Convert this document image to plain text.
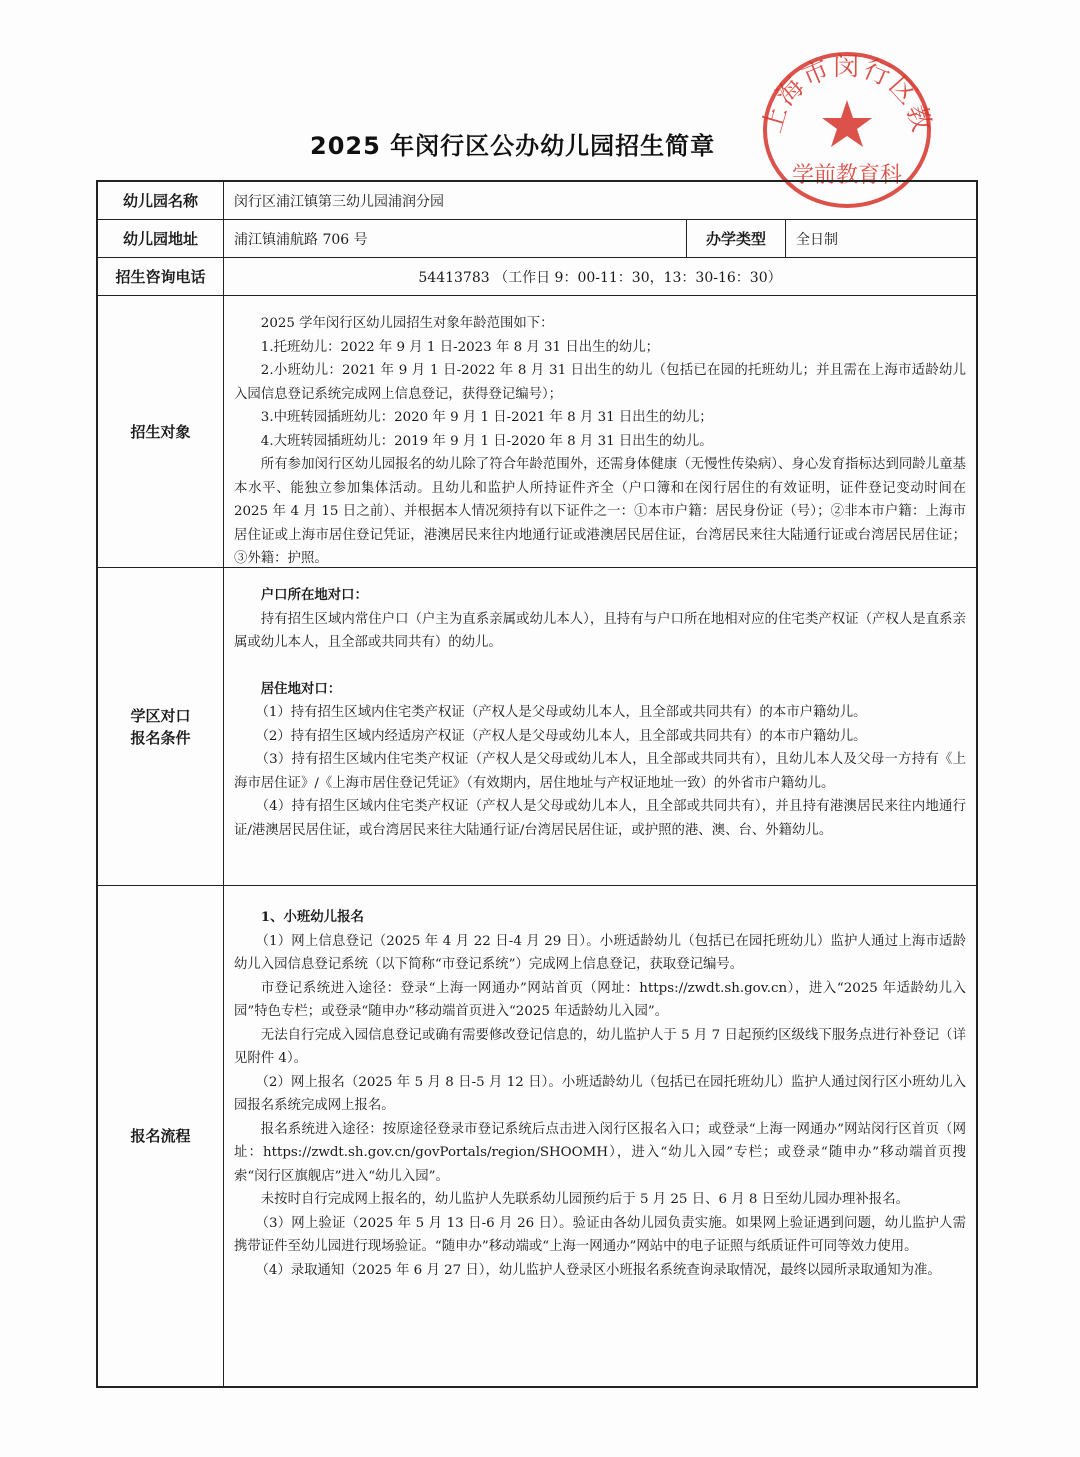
2025 年闵行区公办幼儿园招生简章
上海市闵行区教
学前教育科
幼儿园名称	闵行区浦江镇第三幼儿园浦润分园
幼儿园地址	浦江镇浦航路 706 号	办学类型	全日制
招生咨询电话	54413783 （工作日 9：00-11：30，13：30-16：30）
招生对象

2025 学年闵行区幼儿园招生对象年龄范围如下：

1.托班幼儿：2022 年 9 月 1 日-2023 年 8 月 31 日出生的幼儿；

2.小班幼儿：2021 年 9 月 1 日-2022 年 8 月 31 日出生的幼儿（包括已在园的托班幼儿；并且需在上海市适龄幼儿入园信息登记系统完成网上信息登记，获得登记编号）；

3.中班转园插班幼儿：2020 年 9 月 1 日-2021 年 8 月 31 日出生的幼儿；

4.大班转园插班幼儿：2019 年 9 月 1 日-2020 年 8 月 31 日出生的幼儿。

所有参加闵行区幼儿园报名的幼儿除了符合年龄范围外，还需身体健康（无慢性传染病）、身心发育指标达到同龄儿童基本水平、能独立参加集体活动。且幼儿和监护人所持证件齐全（户口簿和在闵行居住的有效证明，证件登记变动时间在 2025 年 4 月 15 日之前）、并根据本人情况须持有以下证件之一：①本市户籍：居民身份证（号）；②非本市户籍：上海市居住证或上海市居住登记凭证，港澳居民来往内地通行证或港澳居民居住证，台湾居民来往大陆通行证或台湾居民居住证；③外籍：护照。

学区对口
报名条件

户口所在地对口：

持有招生区域内常住户口（户主为直系亲属或幼儿本人），且持有与户口所在地相对应的住宅类产权证（产权人是直系亲属或幼儿本人，且全部或共同共有）的幼儿。

居住地对口：

（1）持有招生区域内住宅类产权证（产权人是父母或幼儿本人，且全部或共同共有）的本市户籍幼儿。

（2）持有招生区域内经适房产权证（产权人是父母或幼儿本人，且全部或共同共有）的本市户籍幼儿。

（3）持有招生区域内住宅类产权证（产权人是父母或幼儿本人，且全部或共同共有），且幼儿本人及父母一方持有《上海市居住证》/《上海市居住登记凭证》（有效期内，居住地址与产权证地址一致）的外省市户籍幼儿。

（4）持有招生区域内住宅类产权证（产权人是父母或幼儿本人，且全部或共同共有），并且持有港澳居民来往内地通行证/港澳居民居住证，或台湾居民来往大陆通行证/台湾居民居住证，或护照的港、澳、台、外籍幼儿。

报名流程

1、小班幼儿报名

（1）网上信息登记（2025 年 4 月 22 日-4 月 29 日）。小班适龄幼儿（包括已在园托班幼儿）监护人通过上海市适龄幼儿入园信息登记系统（以下简称“市登记系统”）完成网上信息登记，获取登记编号。

市登记系统进入途径：登录“上海一网通办”网站首页（网址：https://zwdt.sh.gov.cn），进入“2025 年适龄幼儿入园”特色专栏；或登录“随申办”移动端首页进入“2025 年适龄幼儿入园”。

无法自行完成入园信息登记或确有需要修改登记信息的，幼儿监护人于 5 月 7 日起预约区级线下服务点进行补登记（详见附件 4）。

（2）网上报名（2025 年 5 月 8 日-5 月 12 日）。小班适龄幼儿（包括已在园托班幼儿）监护人通过闵行区小班幼儿入园报名系统完成网上报名。

报名系统进入途径：按原途径登录市登记系统后点击进入闵行区报名入口；或登录“上海一网通办”网站闵行区首页（网址：https://zwdt.sh.gov.cn/govPortals/region/SHOOMH），进入“幼儿入园”专栏；或登录“随申办”移动端首页搜索“闵行区旗舰店”进入“幼儿入园”。

未按时自行完成网上报名的，幼儿监护人先联系幼儿园预约后于 5 月 25 日、6 月 8 日至幼儿园办理补报名。

（3）网上验证（2025 年 5 月 13 日-6 月 26 日）。验证由各幼儿园负责实施。如果网上验证遇到问题，幼儿监护人需携带证件至幼儿园进行现场验证。“随申办”移动端或“上海一网通办”网站中的电子证照与纸质证件可同等效力使用。

（4）录取通知（2025 年 6 月 27 日），幼儿监护人登录区小班报名系统查询录取情况，最终以园所录取通知为准。
